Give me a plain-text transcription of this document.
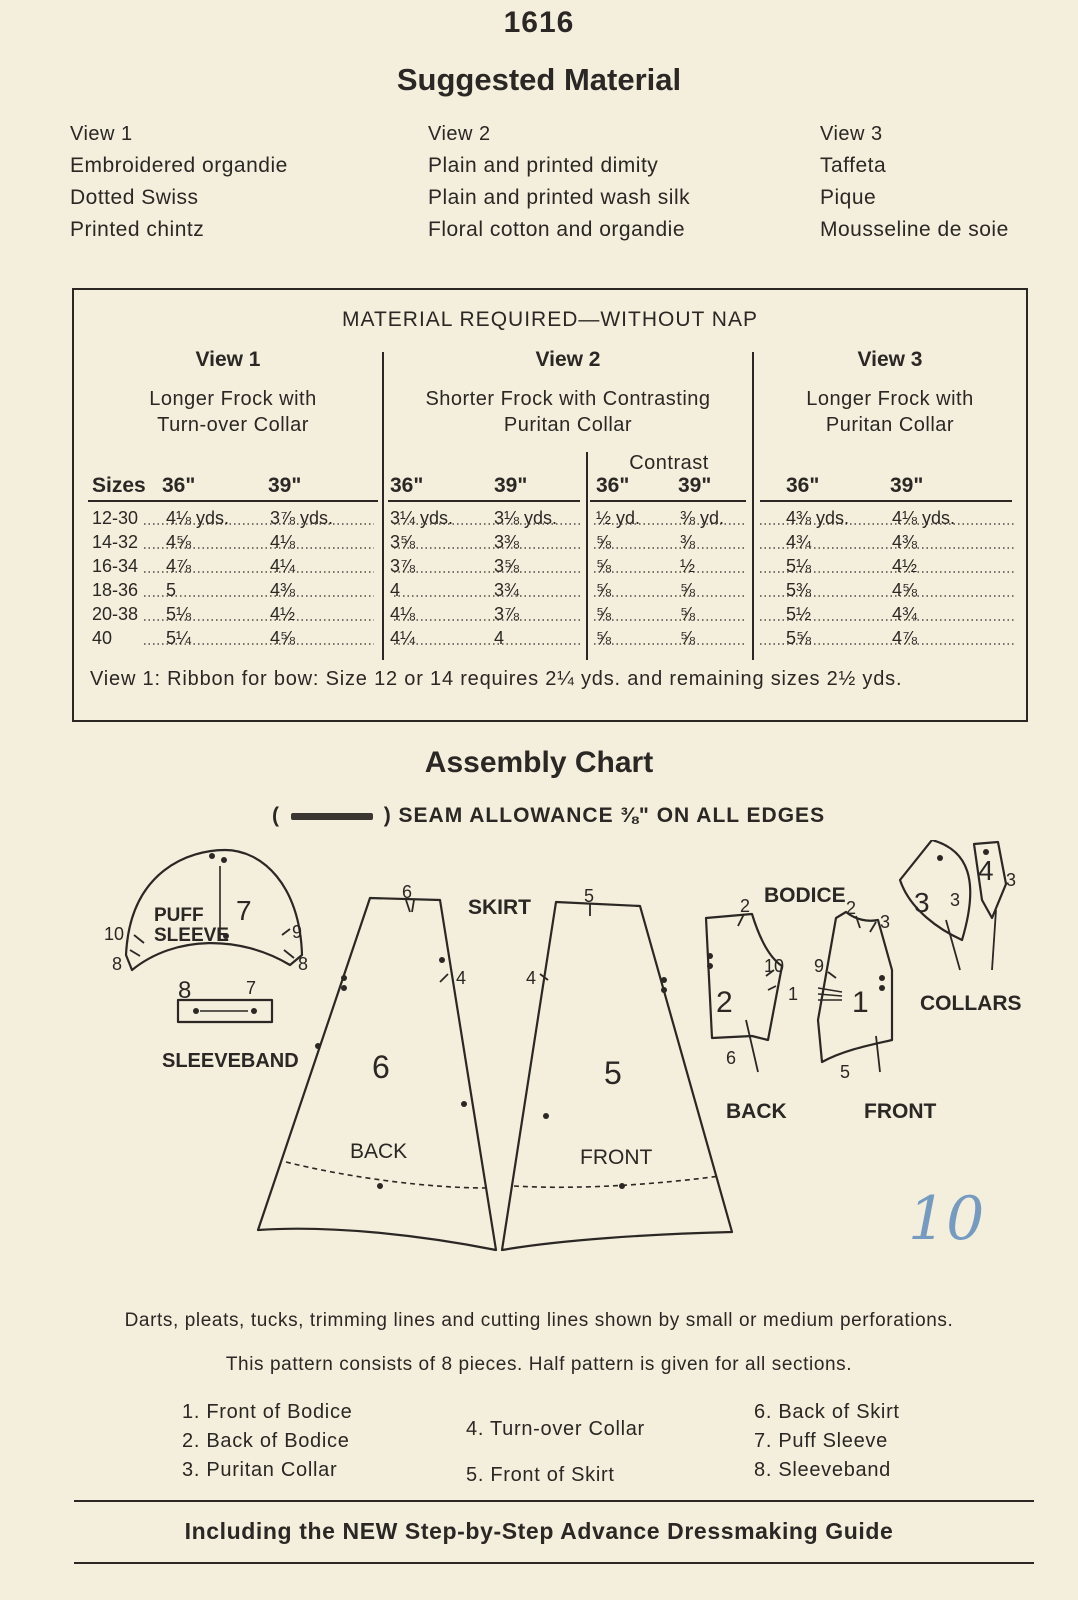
1616
Suggested Material
View 1
Embroidered organdie
Dotted Swiss
Printed chintz
View 2
Plain and printed dimity
Plain and printed wash silk
Floral cotton and organdie
View 3
Taffeta
Pique
Mousseline de soie
MATERIAL REQUIRED—WITHOUT NAP
View 1
Longer Frock with
Turn-over Collar
View 2
Shorter Frock with Contrasting
Puritan Collar
View 3
Longer Frock with
Puritan Collar
Contrast
Sizes 36"	39"	36"	39"	36" 39"	36"	39"
12-30 4⅛ yds. 3⅞ yds.	3¼ yds. 3⅛ yds. ½ yd. ⅜ yd.	4⅜ yds. 4⅛ yds.
14-32 4⅝	4⅛	3⅝	3⅜	⅝	⅜	4¾	4⅜
16-34 4⅞	4¼	3⅞	3⅝	⅝	½	5⅛	4½
18-36 5	4⅜	4	3¾	⅝	⅝	5⅜	4⅝
20-38 5⅛	4½	4⅛	3⅞	⅝	⅝	5½	4¾
40	5¼	4⅝	4¼	4	⅝	⅝	5⅝	4⅞
View 1: Ribbon for bow: Size 12 or 14 requires 2¼ yds. and remaining sizes 2½ yds.
Assembly Chart
(	) SEAM ALLOWANCE ⅜" ON ALL EDGES
7
10
8
9
8
8	7
6
4
6
5
4
5
2
10
1
2
6
2
3
9
1
5
3 3
4 3
PUFF
SLEEVE
SLEEVEBAND
SKIRT
BACK	FRONT
BODICE
BACK	FRONT
COLLARS
10
Darts, pleats, tucks, trimming lines and cutting lines shown by small or medium perforations.
This pattern consists of 8 pieces. Half pattern is given for all sections.
1. Front of Bodice
2. Back of Bodice
3. Puritan Collar
4. Turn-over Collar
5. Front of Skirt
6. Back of Skirt
7. Puff Sleeve
8. Sleeveband
Including the NEW Step-by-Step Advance Dressmaking Guide
